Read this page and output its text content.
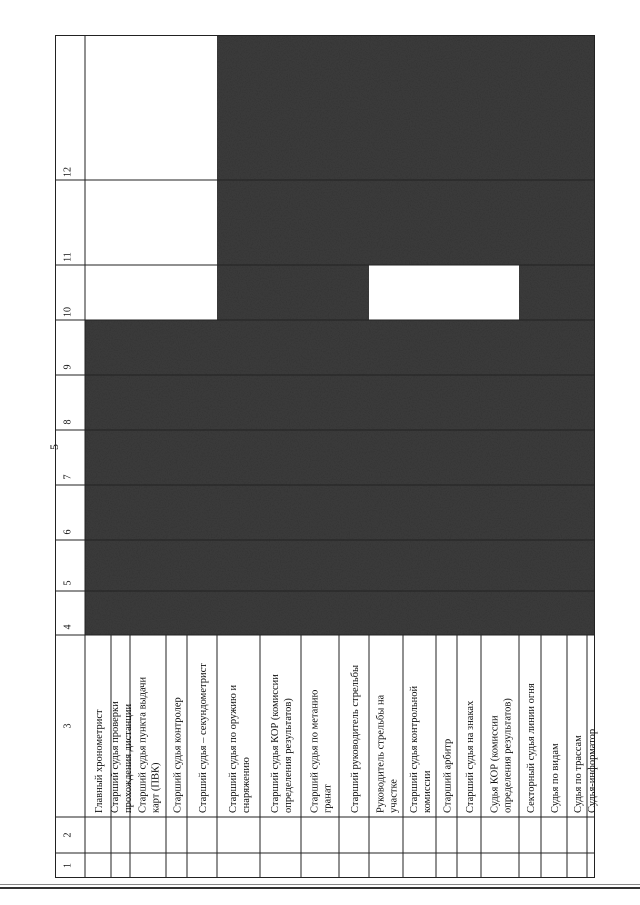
5
1
2
3
4
5
6
7
8
9
10
11
12
Главный хронометрист Старший судья проверки прохождения дистанции Старший судья пункта выдачи карт (ПВК) Старший судья контролер Старший судья – секундометрист Старший судья по оружию и снаряжению Старший судья КОР (комиссии определения результатов) Старший судья по метанию гранат Старший руководитель стрельбы Руководитель стрельбы на участке Старший судья контрольной комиссии Старший арбитр Старший судья на знаках Судья КОР (комиссии определения результатов) Секторный судья линии огня Судья по видам Судья по трассам Судья-информатор
